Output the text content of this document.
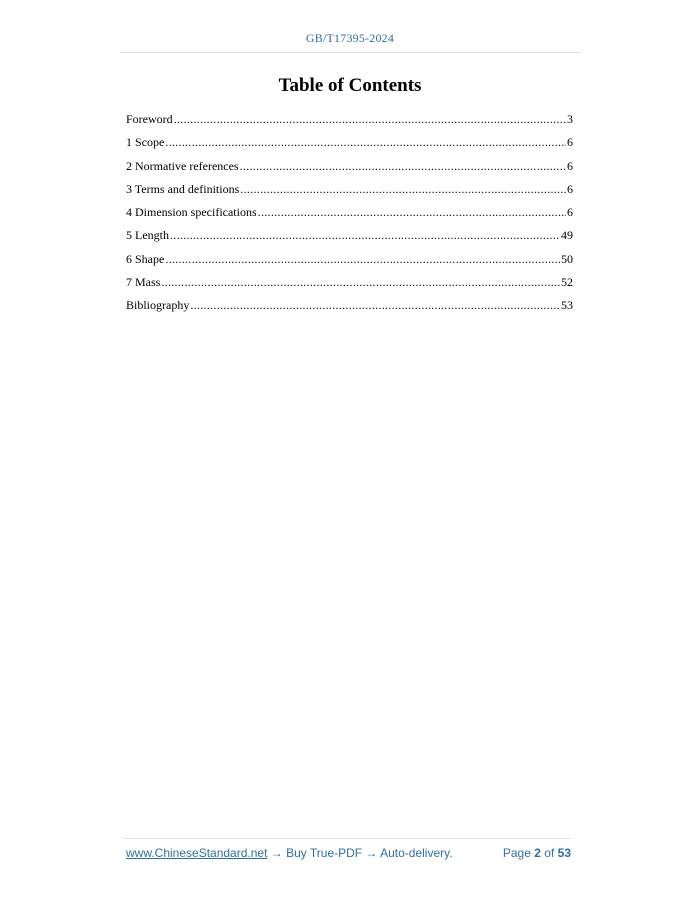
GB/T17395-2024
Table of Contents
Foreword .....	3
1 Scope .....	6
2 Normative references .....	6
3 Terms and definitions .....	6
4 Dimension specifications .....	6
5 Length .....	49
6 Shape .....	50
7 Mass .....	52
Bibliography .....	53
www.ChineseStandard.net → Buy True-PDF → Auto-delivery.	Page 2 of 53
